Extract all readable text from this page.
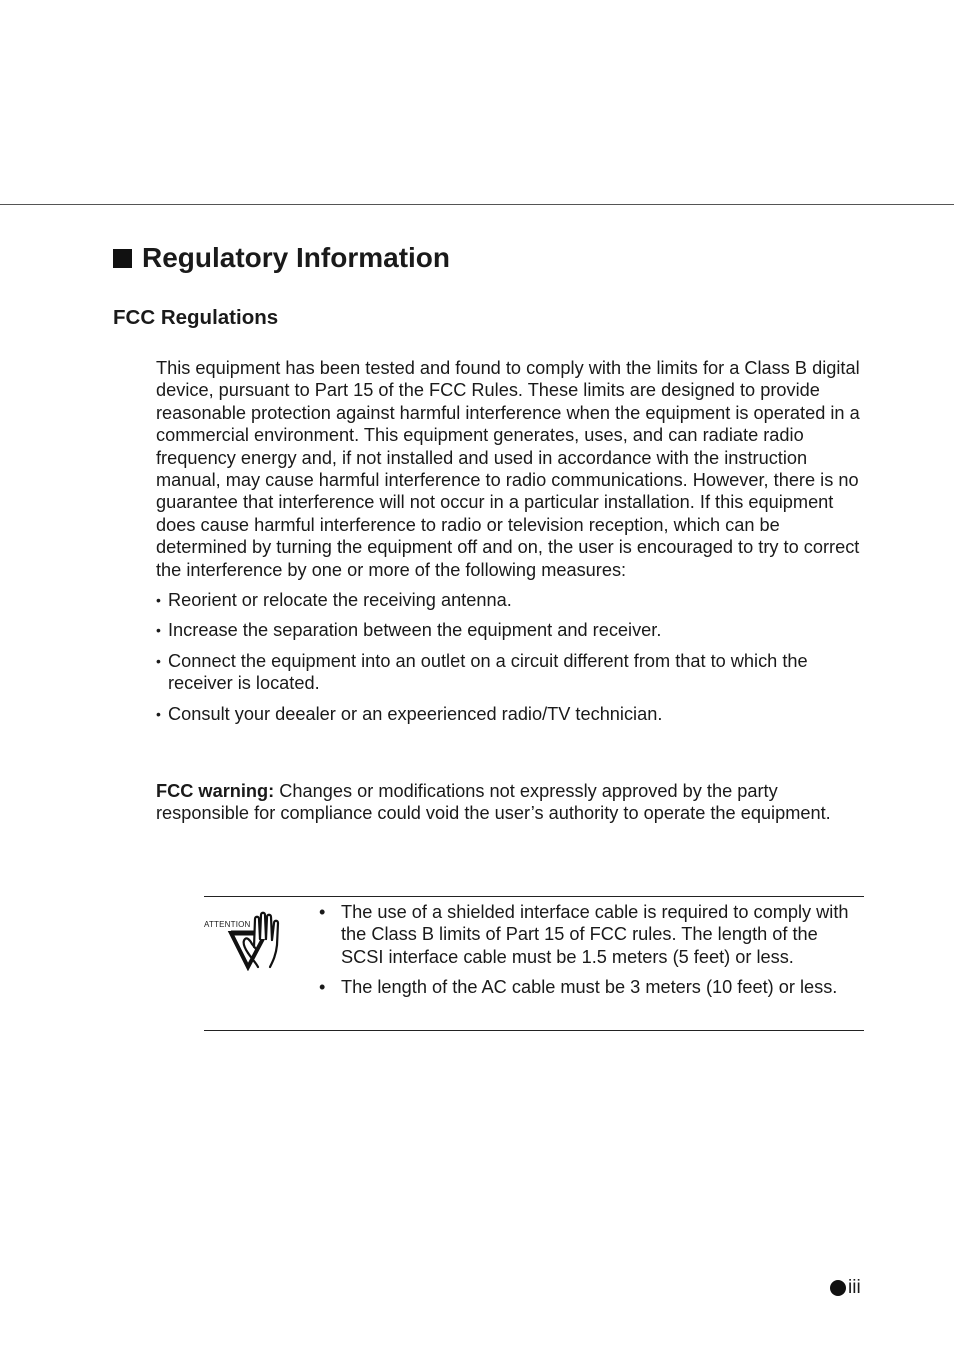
Regulatory Information
FCC Regulations

This equipment has been tested and found to comply with the limits for a Class B digital device, pursuant to Part 15 of the FCC Rules. These limits are designed to provide reasonable protection against harmful interference when the equipment is operated in a commercial environment. This equipment generates, uses, and can radiate radio frequency energy and, if not installed and used in accordance with the instruction manual, may cause harmful interference to radio communications. However, there is no guarantee that interference will not occur in a particular installation. If this equipment does cause harmful interference to radio or television reception, which can be determined by turning the equipment off and on, the user is encouraged to try to correct the interference by one or more of the following measures:

• Reorient or relocate the receiving antenna.
• Increase the separation between the equipment and receiver.
• Connect the equipment into an outlet on a circuit different from that to which the receiver is located.
• Consult your deealer or an expeerienced radio/TV technician.
FCC warning: Changes or modifications not expressly approved by the party responsible for compliance could void the user’s authority to operate the equipment.
ATTENTION
• The use of a shielded interface cable is required to comply with the Class B limits of Part 15 of FCC rules. The length of the SCSI interface cable must be 1.5 meters (5 feet) or less.
• The length of the AC cable must be 3 meters (10 feet) or less.
iii
